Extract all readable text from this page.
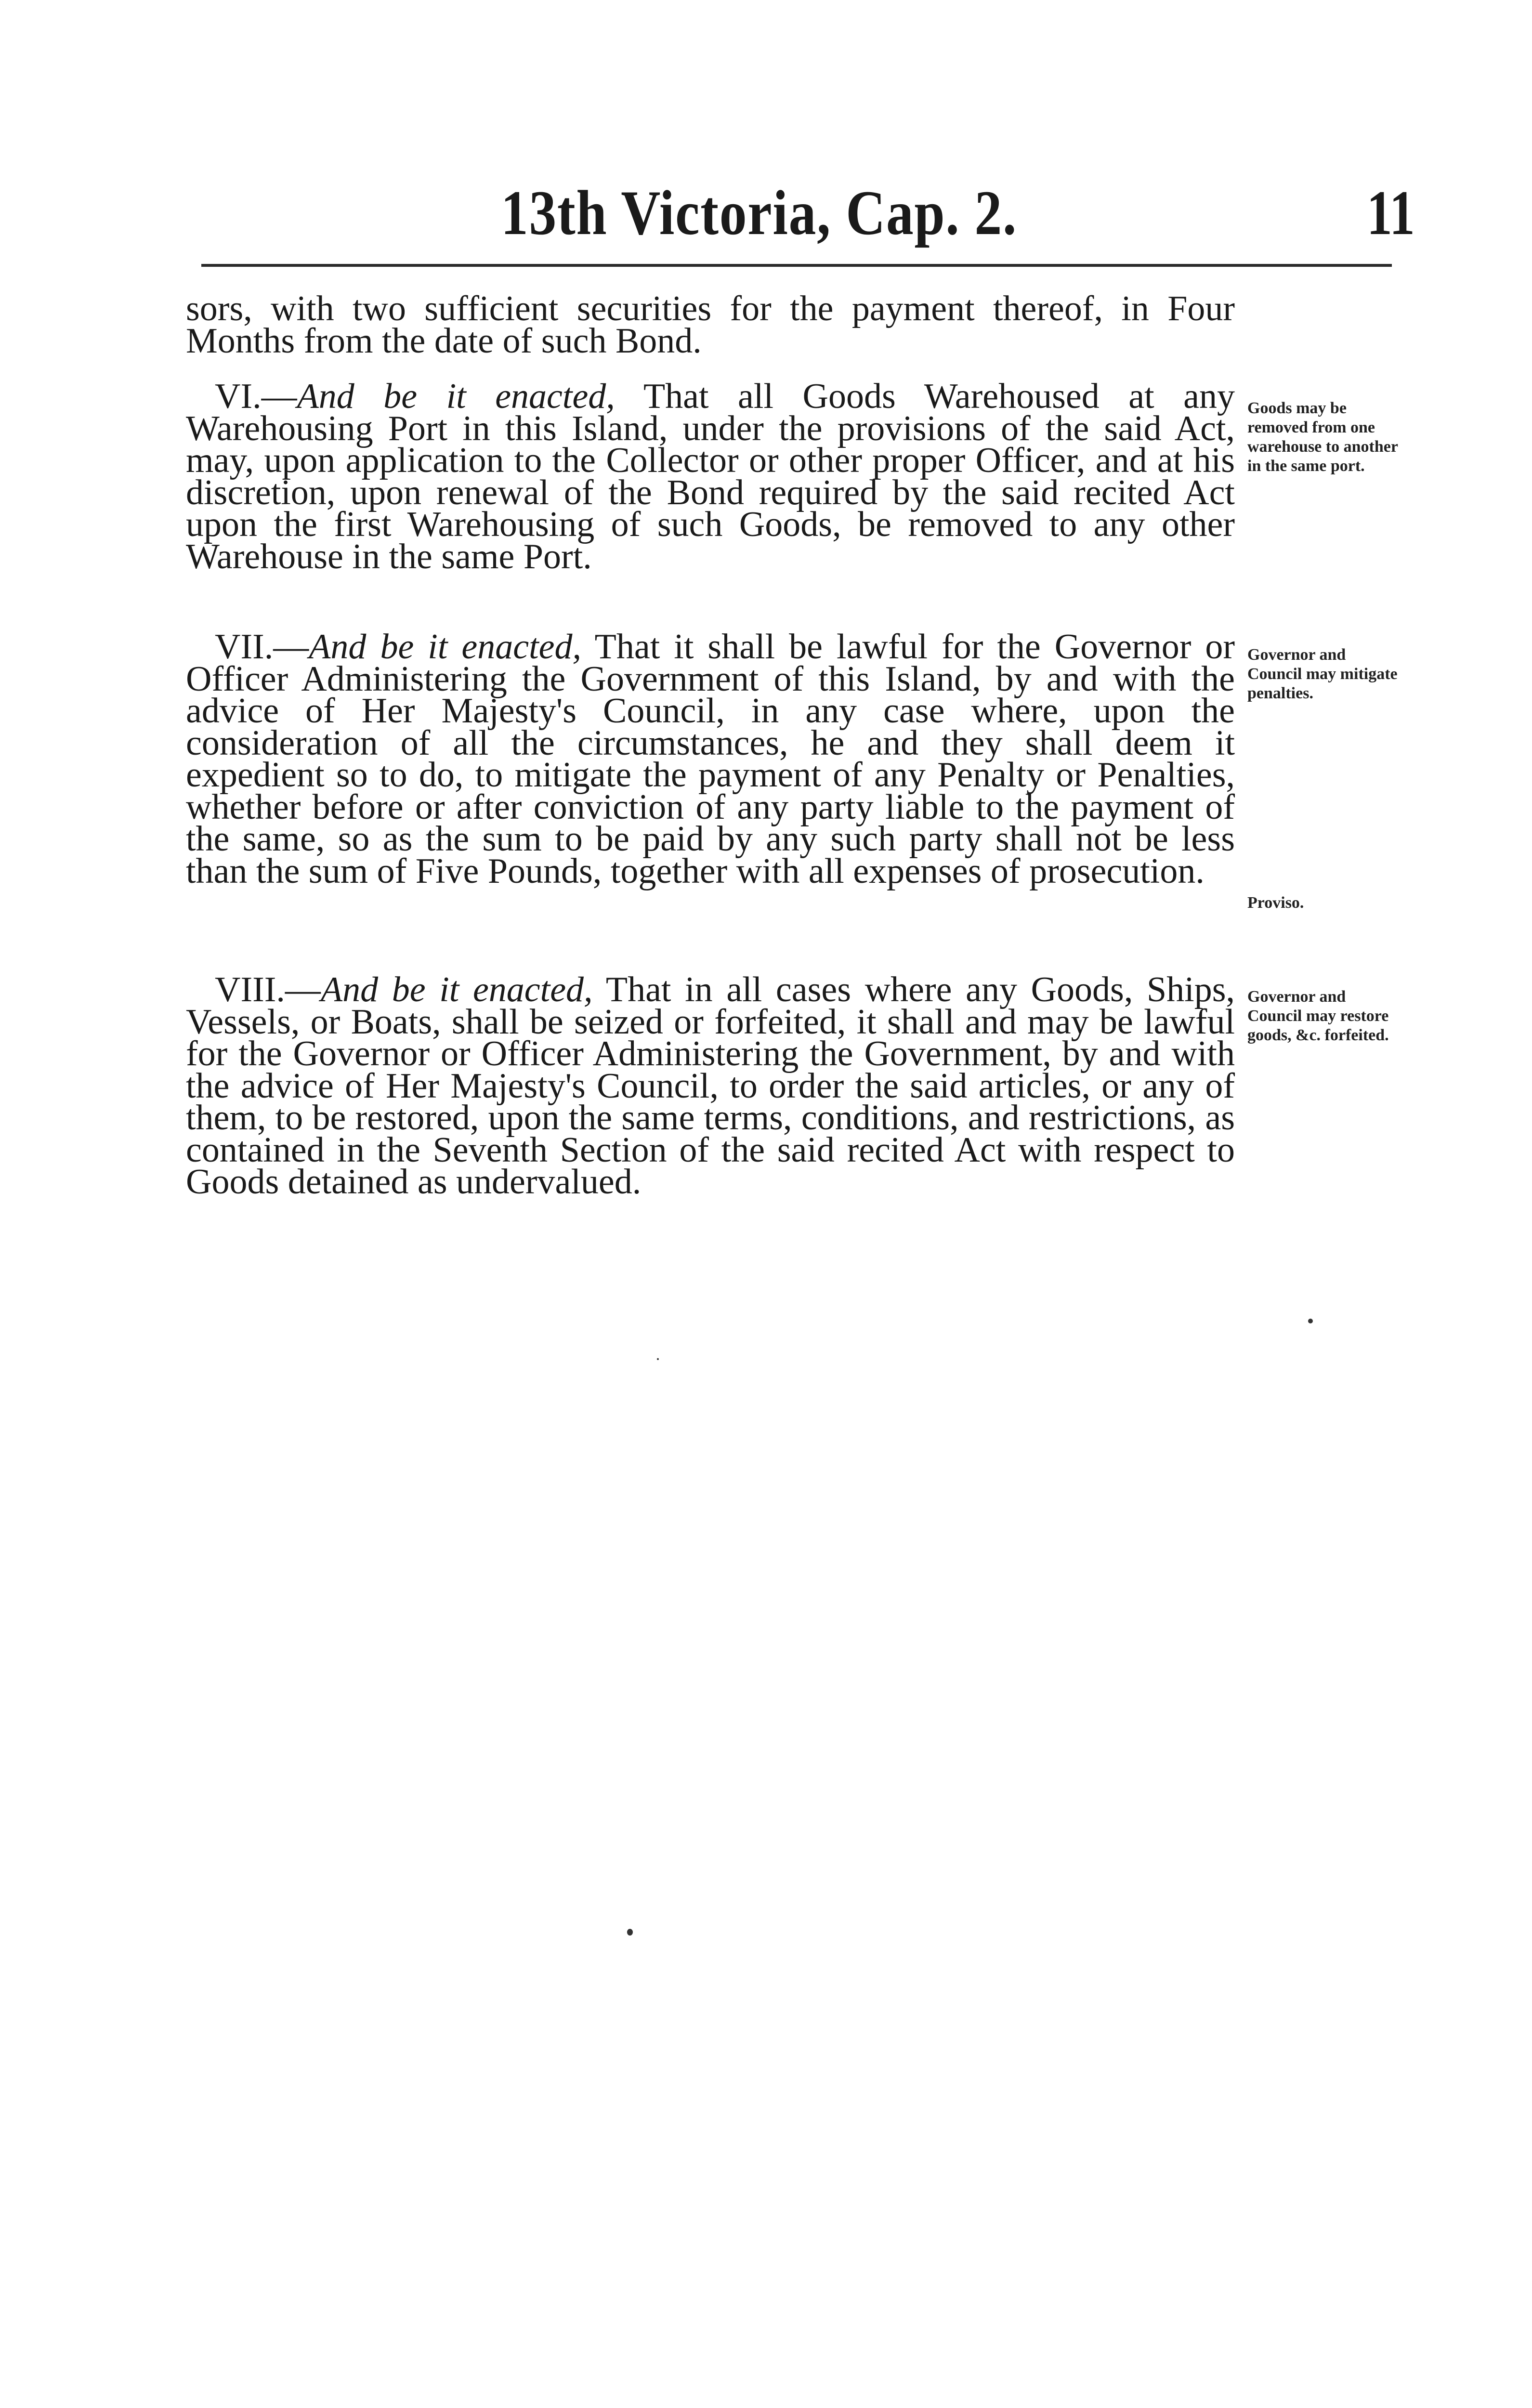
13th Victoria, Cap. 2.	11
sors, with two sufficient securities for the payment thereof, in Four Months from the date of such Bond.
VI.—And be it enacted, That all Goods Warehoused at any Warehousing Port in this Island, under the provisions of the said Act, may, upon application to the Collector or other proper Officer, and at his discretion, upon renewal of the Bond required by the said recited Act upon the first Warehousing of such Goods, be removed to any other Warehouse in the same Port.
Goods may be removed from one warehouse to another in the same port.
VII.—And be it enacted, That it shall be lawful for the Governor or Officer Administering the Government of this Island, by and with the advice of Her Majesty's Council, in any case where, upon the consideration of all the circumstances, he and they shall deem it expedient so to do, to mitigate the payment of any Penalty or Penalties, whether before or after conviction of any party liable to the payment of the same, so as the sum to be paid by any such party shall not be less than the sum of Five Pounds, together with all expenses of prosecution.
Governor and Council may mitigate penalties.
Proviso.
VIII.—And be it enacted, That in all cases where any Goods, Ships, Vessels, or Boats, shall be seized or forfeited, it shall and may be lawful for the Governor or Officer Administering the Government, by and with the advice of Her Majesty's Council, to order the said articles, or any of them, to be restored, upon the same terms, conditions, and restrictions, as contained in the Seventh Section of the said recited Act with respect to Goods detained as undervalued.
Governor and Council may restore goods, &c. forfeited.
